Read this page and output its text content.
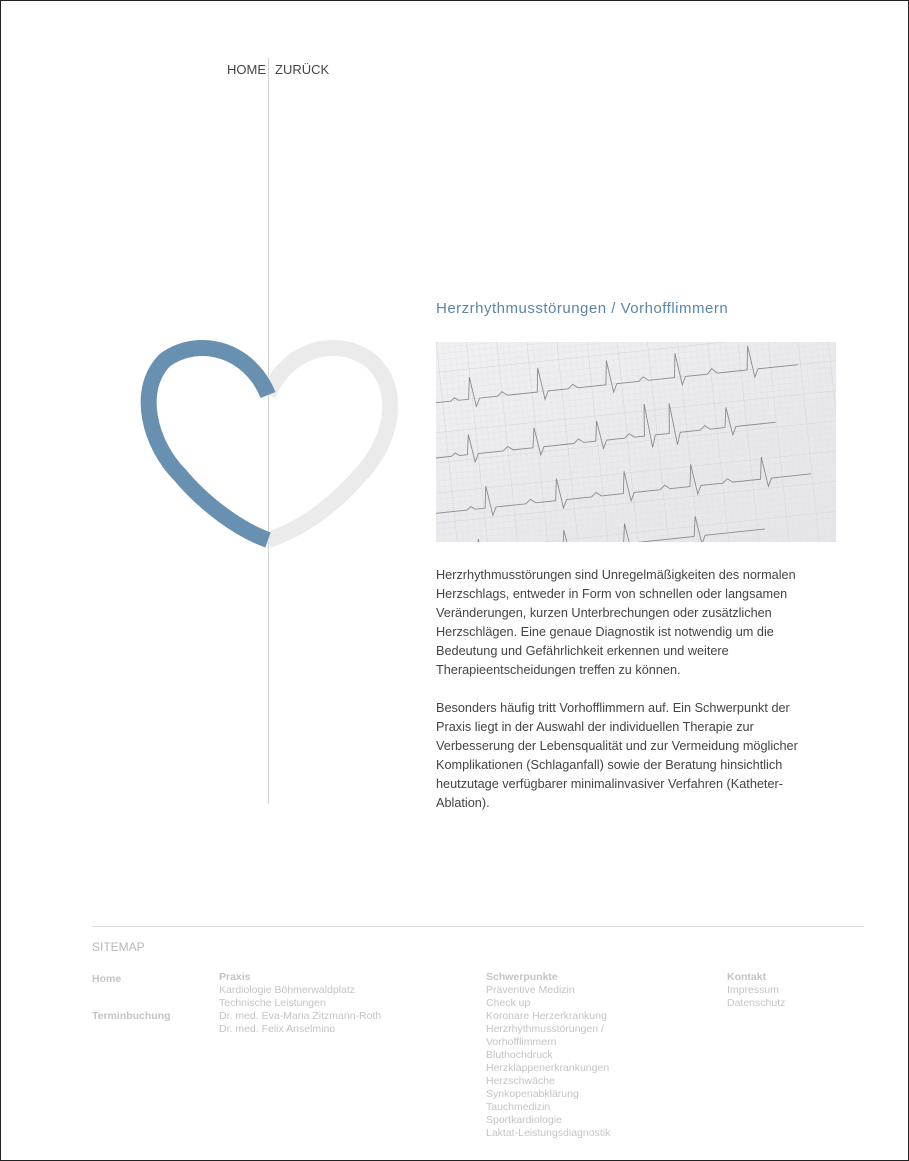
HOME ZURÜCK
Herzrhythmusstörungen / Vorhofflimmern

Herzrhythmusstörungen sind Unregelmäßigkeiten des normalen Herzschlags, entweder in Form von schnellen oder langsamen Veränderungen, kurzen Unterbrechungen oder zusätzlichen Herzschlägen. Eine genaue Diagnostik ist notwendig um die Bedeutung und Gefährlichkeit erkennen und weitere Therapieentscheidungen treffen zu können.

Besonders häufig tritt Vorhofflimmern auf. Ein Schwerpunkt der Praxis liegt in der Auswahl der individuellen Therapie zur Verbesserung der Lebensqualität und zur Vermeidung möglicher Komplikationen (Schlaganfall) sowie der Beratung hinsichtlich heutzutage verfügbarer minimalinvasiver Verfahren (Katheter-Ablation).

SITEMAP
Home
Terminbuchung
Praxis
Kardiologie Böhmerwaldplatz
Technische Leistungen
Dr. med. Eva-Maria Zitzmann-Roth
Dr. med. Felix Anselmino
Schwerpunkte
Präventive Medizin
Check up
Koronare Herzerkrankung
Herzrhythmusstörungen /
Vorhofflimmern
Bluthochdruck
Herzklappenerkrankungen
Herzschwäche
Synkopenabklärung
Tauchmedizin
Sportkardiologie
Laktat-Leistungsdiagnostik
Kontakt
Impressum
Datenschutz
